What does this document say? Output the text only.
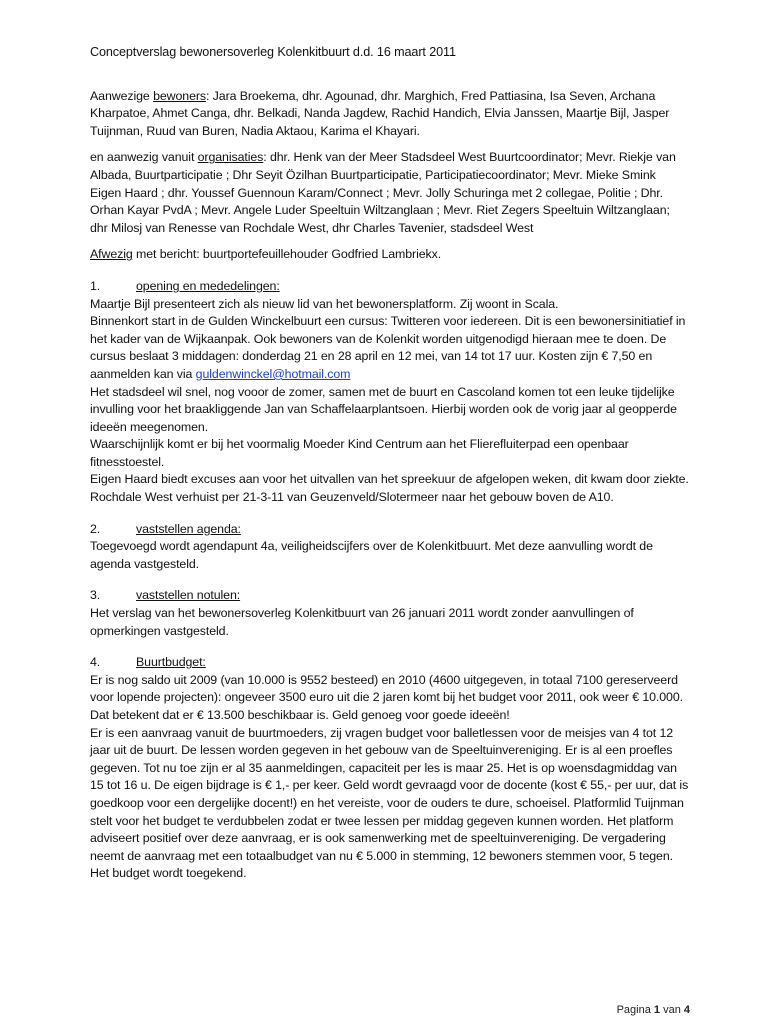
Conceptverslag bewonersoverleg Kolenkitbuurt d.d. 16 maart 2011

Aanwezige bewoners: Jara Broekema, dhr. Agounad, dhr. Marghich, Fred Pattiasina, Isa Seven, Archana Kharpatoe, Ahmet Canga, dhr. Belkadi, Nanda Jagdew, Rachid Handich, Elvia Janssen, Maartje Bijl, Jasper Tuijnman, Ruud van Buren, Nadia Aktaou, Karima el Khayari.

en aanwezig vanuit organisaties: dhr. Henk van der Meer Stadsdeel West Buurtcoordinator; Mevr. Riekje van Albada, Buurtparticipatie ; Dhr Seyit Özilhan Buurtparticipatie, Participatiecoordinator; Mevr. Mieke Smink Eigen Haard ; dhr. Youssef Guennoun Karam/Connect ; Mevr. Jolly Schuringa met 2 collegae, Politie ; Dhr. Orhan Kayar PvdA ; Mevr. Angele Luder Speeltuin Wiltzanglaan ; Mevr. Riet Zegers Speeltuin Wiltzanglaan; dhr Milosj van Renesse van Rochdale West, dhr Charles Tavenier, stadsdeel West

Afwezig met bericht: buurtportefeuillehouder Godfried Lambriekx.

1.	opening en mededelingen:
Maartje Bijl presenteert zich als nieuw lid van het bewonersplatform. Zij woont in Scala.
Binnenkort start in de Gulden Winckelbuurt een cursus: Twitteren voor iedereen. Dit is een bewonersinitiatief in het kader van de Wijkaanpak. Ook bewoners van de Kolenkit worden uitgenodigd hieraan mee te doen. De cursus beslaat 3 middagen: donderdag 21 en 28 april en 12 mei, van 14 tot 17 uur. Kosten zijn € 7,50 en aanmelden kan via guldenwinckel@hotmail.com
Het stadsdeel wil snel, nog vooor de zomer, samen met de buurt en Cascoland komen tot een leuke tijdelijke invulling voor het braakliggende Jan van Schaffelaarplantsoen. Hierbij worden ook de vorig jaar al geopperde ideeën meegenomen.
Waarschijnlijk komt er bij het voormalig Moeder Kind Centrum aan het Flierefluiterpad een openbaar fitnesstoestel.
Eigen Haard biedt excuses aan voor het uitvallen van het spreekuur de afgelopen weken, dit kwam door ziekte.
Rochdale West verhuist per 21-3-11 van Geuzenveld/Slotermeer naar het gebouw boven de A10.
2.	vaststellen agenda:
Toegevoegd wordt agendapunt 4a, veiligheidscijfers over de Kolenkitbuurt. Met deze aanvulling wordt de agenda vastgesteld.
3.	vaststellen notulen:
Het verslag van het bewonersoverleg Kolenkitbuurt van 26 januari 2011 wordt zonder aanvullingen of opmerkingen vastgesteld.
4.	Buurtbudget:
Er is nog saldo uit 2009 (van 10.000 is 9552 besteed) en 2010 (4600 uitgegeven, in totaal 7100 gereserveerd voor lopende projecten): ongeveer 3500 euro uit die 2 jaren komt bij het budget voor 2011, ook weer € 10.000. Dat betekent dat er € 13.500 beschikbaar is. Geld genoeg voor goede ideeën!
Er is een aanvraag vanuit de buurtmoeders, zij vragen budget voor balletlessen voor de meisjes van 4 tot 12 jaar uit de buurt. De lessen worden gegeven in het gebouw van de Speeltuinvereniging. Er is al een proefles gegeven. Tot nu toe zijn er al 35 aanmeldingen, capaciteit per les is maar 25. Het is op woensdagmiddag van 15 tot 16 u. De eigen bijdrage is € 1,- per keer. Geld wordt gevraagd voor de docente (kost € 55,- per uur, dat is goedkoop voor een dergelijke docent!) en het vereiste, voor de ouders te dure, schoeisel. Platformlid Tuijnman stelt voor het budget te verdubbelen zodat er twee lessen per middag gegeven kunnen worden. Het platform adviseert positief over deze aanvraag, er is ook samenwerking met de speeltuinvereniging. De vergadering neemt de aanvraag met een totaalbudget van nu € 5.000 in stemming, 12 bewoners stemmen voor, 5 tegen. Het budget wordt toegekend.
Pagina 1 van 4
